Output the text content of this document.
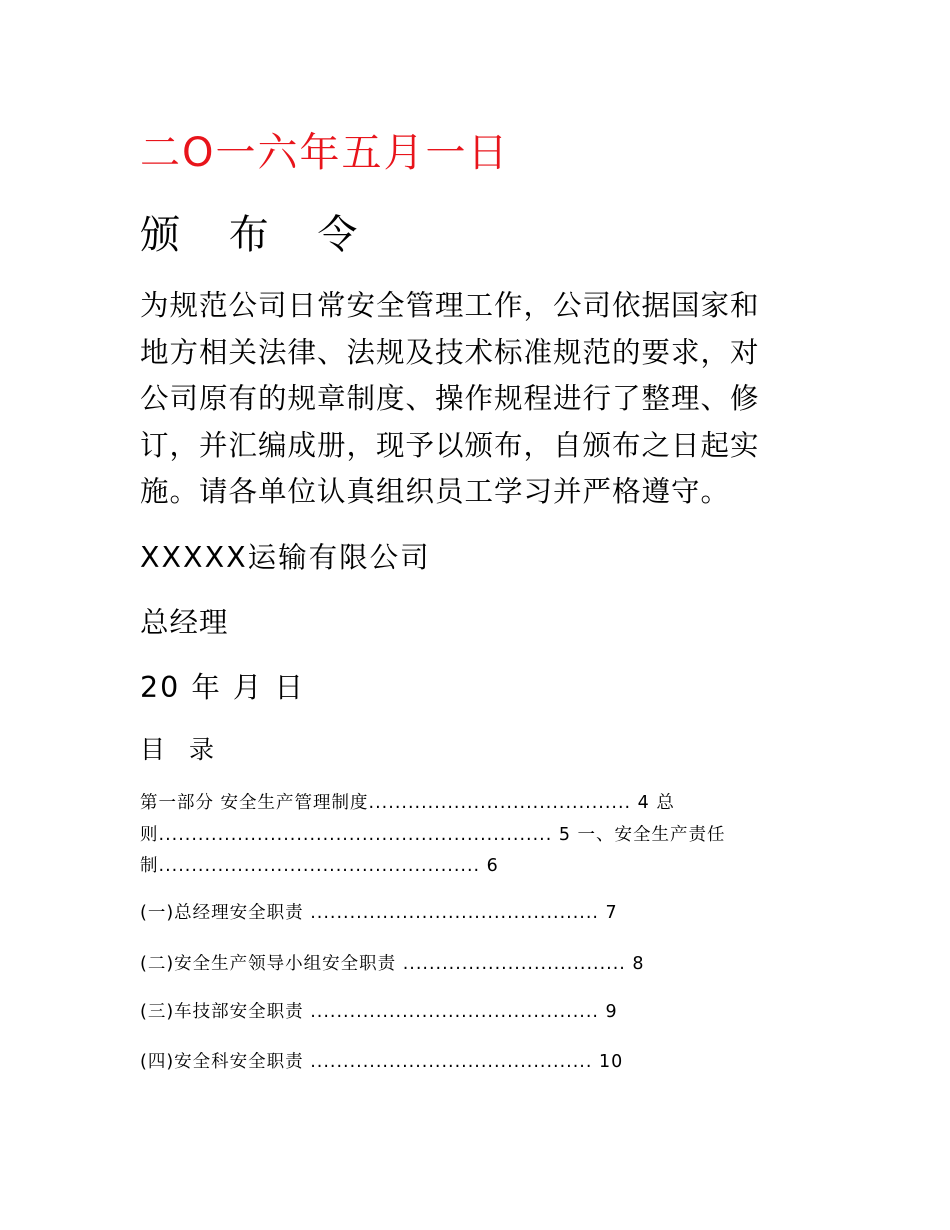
二O一六年五月一日
颁 布 令
为规范公司日常安全管理工作，公司依据国家和
地方相关法律、法规及技术标准规范的要求，对
公司原有的规章制度、操作规程进行了整理、修
订，并汇编成册，现予以颁布，自颁布之日起实
施。请各单位认真组织员工学习并严格遵守。
XXXXX运输有限公司
总经理
20 年 月 日
目 录
第一部分 安全生产管理制度........................................ 4 总
则............................................................ 5 一、安全生产责任
制................................................. 6
(一)总经理安全职责 ............................................ 7
(二)安全生产领导小组安全职责 .................................. 8
(三)车技部安全职责 ............................................ 9
(四)安全科安全职责 ........................................... 10
